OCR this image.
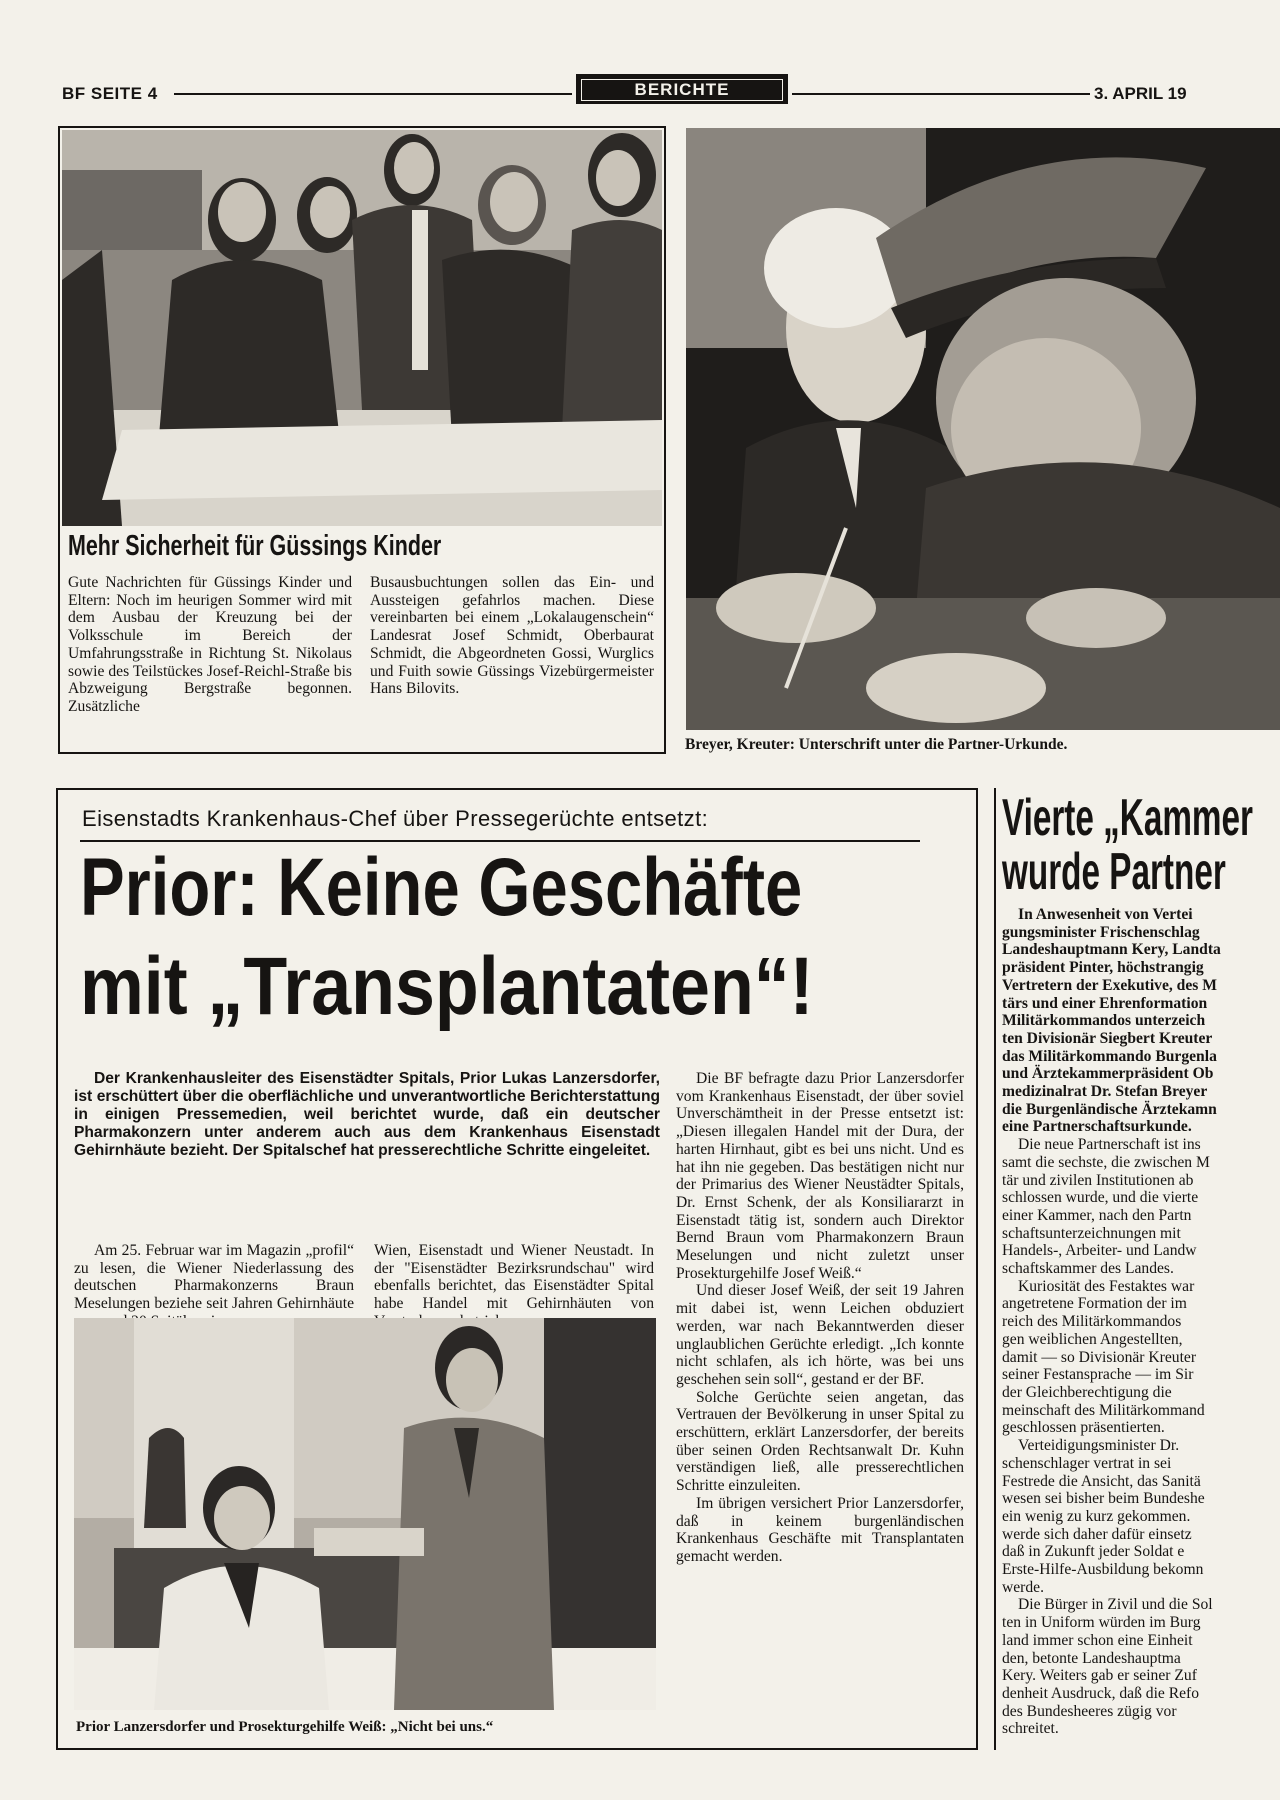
BF SEITE 4	BERICHTE	3. APRIL 19
Mehr Sicherheit für Güssings Kinder
Gute Nachrichten für Güssings Kinder und Eltern: Noch im heurigen Sommer wird mit dem Ausbau der Kreuzung bei der Volksschule im Bereich der Umfahrungsstraße in Richtung St. Nikolaus sowie des Teilstückes Josef-Reichl-Straße bis Abzweigung Bergstraße begonnen. Zusätzliche
Busausbuchtungen sollen das Ein- und Aussteigen gefahrlos machen. Diese vereinbarten bei einem „Lokalaugenschein“ Landesrat Josef Schmidt, Oberbaurat Schmidt, die Abgeordneten Gossi, Wurglics und Fuith sowie Güssings Vizebürgermeister Hans Bilovits.
Breyer, Kreuter: Unterschrift unter die Partner-Urkunde.
Eisenstadts Krankenhaus-Chef über Pressegerüchte entsetzt:
Prior: Keine Geschäfte
mit „Transplantaten“!

Der Krankenhausleiter des Eisenstädter Spitals, Prior Lukas Lanzersdorfer, ist erschüttert über die oberflächliche und unverantwortliche Berichterstattung in einigen Pressemedien, weil berichtet wurde, daß ein deutscher Pharmakonzern unter anderem auch aus dem Krankenhaus Eisenstadt Gehirnhäute bezieht. Der Spitalschef hat presserechtliche Schritte eingeleitet.

Am 25. Februar war im Magazin „profil“ zu lesen, die Wiener Niederlassung des deutschen Pharmakonzerns Braun Meselungen beziehe seit Jahren Gehirnhäute

Wien, Eisenstadt und Wiener Neustadt. In der "Eisenstädter Bezirksrundschau" wird ebenfalls berichtet, das Eisenstädter Spital habe Handel mit Gehirnhäuten von

Prior Lanzersdorfer und Prosekturgehilfe Weiß: „Nicht bei uns.“

Die BF befragte dazu Prior Lanzersdorfer vom Krankenhaus Eisenstadt, der über soviel Unverschämtheit in der Presse entsetzt ist: „Diesen illegalen Handel mit der Dura, der harten Hirnhaut, gibt es bei uns nicht. Und es hat ihn nie gegeben. Das bestätigen nicht nur der Primarius des Wiener Neustädter Spitals, Dr. Ernst Schenk, der als Konsiliararzt in Eisenstadt tätig ist, sondern auch Direktor Bernd Braun vom Pharmakonzern Braun Meselungen und nicht zuletzt unser Prosekturgehilfe Josef Weiß.“

Und dieser Josef Weiß, der seit 19 Jahren mit dabei ist, wenn Leichen obduziert werden, war nach Bekanntwerden dieser unglaublichen Gerüchte erledigt. „Ich konnte nicht schlafen, als ich hörte, was bei uns geschehen sein soll“, gestand er der BF.

Solche Gerüchte seien angetan, das Vertrauen der Bevölkerung in unser Spital zu erschüttern, erklärt Lanzersdorfer, der bereits über seinen Orden Rechtsanwalt Dr. Kuhn verständigen ließ, alle presserechtlichen Schritte einzuleiten.

Im übrigen versichert Prior Lanzersdorfer, daß in keinem burgenländischen Krankenhaus Geschäfte mit Transplantaten gemacht werden.

Vierte „Kammer
wurde Partner
In Anwesenheit von Vertei
gungsminister Frischenschlag
Landeshauptmann Kery, Landta
präsident Pinter, höchstrangig
Vertretern der Exekutive, des M
tärs und einer Ehrenformation
Militärkommandos unterzeich
ten Divisionär Siegbert Kreuter
das Militärkommando Burgenla
und Ärztekammerpräsident Ob
medizinalrat Dr. Stefan Breyer
die Burgenländische Ärztekamn
eine Partnerschaftsurkunde.
Die neue Partnerschaft ist ins
samt die sechste, die zwischen M
tär und zivilen Institutionen ab
schlossen wurde, und die vierte
einer Kammer, nach den Partn
schaftsunterzeichnungen mit
Handels-, Arbeiter- und Landw
schaftskammer des Landes.
Kuriosität des Festaktes war
angetretene Formation der im
reich des Militärkommandos
gen weiblichen Angestellten,
damit — so Divisionär Kreuter
seiner Festansprache — im Sir
der Gleichberechtigung die
meinschaft des Militärkommand
geschlossen präsentierten.
Verteidigungsminister Dr.
schenschlager vertrat in sei
Festrede die Ansicht, das Sanitä
wesen sei bisher beim Bundeshe
ein wenig zu kurz gekommen.
werde sich daher dafür einsetz
daß in Zukunft jeder Soldat e
Erste-Hilfe-Ausbildung bekomn
werde.
Die Bürger in Zivil und die Sol
ten in Uniform würden im Burg
land immer schon eine Einheit
den, betonte Landeshauptma
Kery. Weiters gab er seiner Zuf
denheit Ausdruck, daß die Refo
des Bundesheeres zügig vor
schreitet.
